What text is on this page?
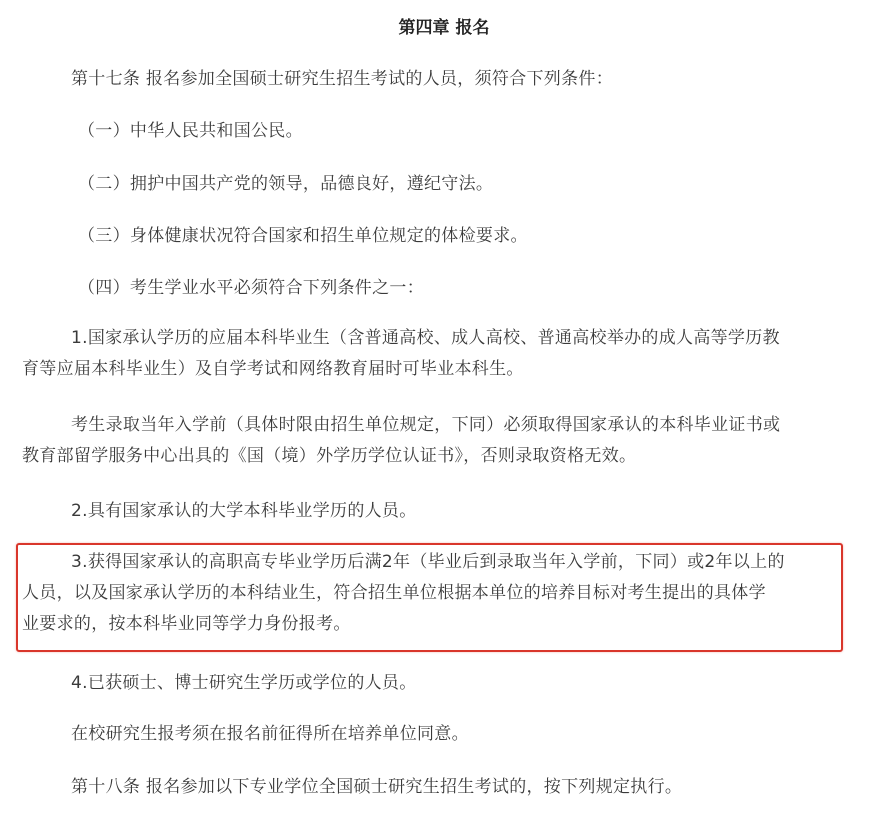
第四章 报名
第十七条 报名参加全国硕士研究生招生考试的人员，须符合下列条件：
（一）中华人民共和国公民。
（二）拥护中国共产党的领导，品德良好，遵纪守法。
（三）身体健康状况符合国家和招生单位规定的体检要求。
（四）考生学业水平必须符合下列条件之一：
1.国家承认学历的应届本科毕业生（含普通高校、成人高校、普通高校举办的成人高等学历教
育等应届本科毕业生）及自学考试和网络教育届时可毕业本科生。
考生录取当年入学前（具体时限由招生单位规定，下同）必须取得国家承认的本科毕业证书或
教育部留学服务中心出具的《国（境）外学历学位认证书》，否则录取资格无效。
2.具有国家承认的大学本科毕业学历的人员。
3.获得国家承认的高职高专毕业学历后满2年（毕业后到录取当年入学前，下同）或2年以上的
人员，以及国家承认学历的本科结业生，符合招生单位根据本单位的培养目标对考生提出的具体学
业要求的，按本科毕业同等学力身份报考。
4.已获硕士、博士研究生学历或学位的人员。
在校研究生报考须在报名前征得所在培养单位同意。
第十八条 报名参加以下专业学位全国硕士研究生招生考试的，按下列规定执行。
